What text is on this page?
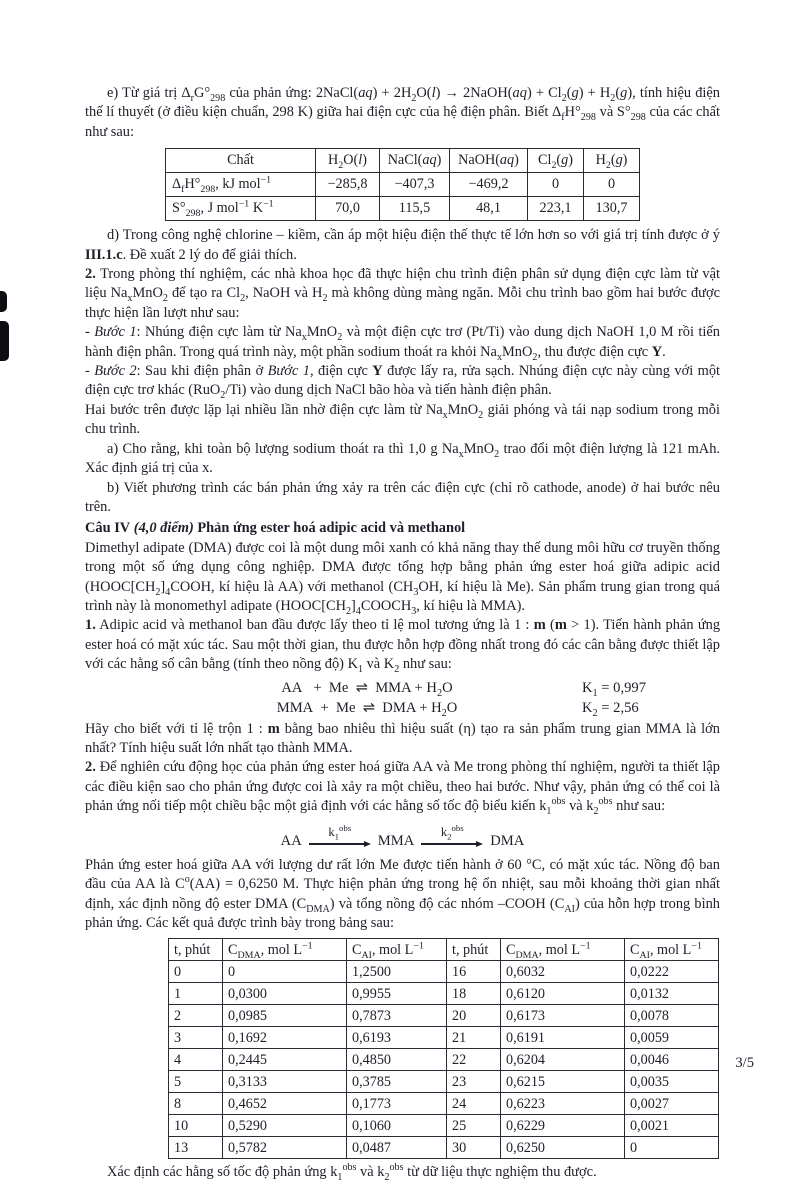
e) Từ giá trị $\Delta_rG^\circ_{298}$ của phản ứng: 2NaCl(aq) + $2H_2O(l)$ → 2NaOH(aq) + $Cl_2(g) + H_2(g)$, tính hiệu điện thế lí thuyết (ở điều kiện chuẩn, 298 K) giữa hai điện cực của hệ điện phân. Biết $\Delta_fH^\circ_{298}$ và $S^\circ_{298}$ của các chất như sau:

Chất	$H_2O(l)$	NaCl(aq)	NaOH(aq)	$Cl_2(g)$	$H_2(g)$
$\Delta_fH^\circ_{298}$, kJ mol$^{-1}$	−285,8	−407,3	−469,2	0	0
$S^\circ_{298}$, J mol$^{-1}$ $K^{-1}$	70,0	115,5	48,1	223,1	130,7

d) Trong công nghệ chlorine – kiềm, cần áp một hiệu điện thế thực tế lớn hơn so với giá trị tính được ở ý III.1.c. Đề xuất 2 lý do để giải thích.

2. Trong phòng thí nghiệm, các nhà khoa học đã thực hiện chu trình điện phân sử dụng điện cực làm từ vật liệu $Na_xMnO_2$ để tạo ra $Cl_2$, NaOH và $H_2$ mà không dùng màng ngăn. Mỗi chu trình bao gồm hai bước được thực hiện lần lượt như sau:

- Bước 1: Nhúng điện cực làm từ $Na_xMnO_2$ và một điện cực trơ (Pt/Ti) vào dung dịch NaOH 1,0 M rồi tiến hành điện phân. Trong quá trình này, một phần sodium thoát ra khỏi $Na_xMnO_2$, thu được điện cực Y.

- Bước 2: Sau khi điện phân ở Bước 1, điện cực Y được lấy ra, rửa sạch. Nhúng điện cực này cùng với một điện cực trơ khác (RuO$_2$/Ti) vào dung dịch NaCl bão hòa và tiến hành điện phân.

Hai bước trên được lặp lại nhiều lần nhờ điện cực làm từ $Na_xMnO_2$ giải phóng và tái nạp sodium trong mỗi chu trình.

a) Cho rằng, khi toàn bộ lượng sodium thoát ra thì 1,0 g $Na_xMnO_2$ trao đổi một điện lượng là 121 mAh. Xác định giá trị của x.

b) Viết phương trình các bán phản ứng xảy ra trên các điện cực (chỉ rõ cathode, anode) ở hai bước nêu trên.

Câu IV (4,0 điểm) Phản ứng ester hoá adipic acid và methanol

Dimethyl adipate (DMA) được coi là một dung môi xanh có khả năng thay thế dung môi hữu cơ truyền thống trong một số ứng dụng công nghiệp. DMA được tổng hợp bằng phản ứng ester hoá giữa adipic acid ($HOOC[CH_2]_4COOH$, kí hiệu là AA) với methanol ($CH_3OH$, kí hiệu là Me). Sản phẩm trung gian trong quá trình này là monomethyl adipate ($HOOC[CH_2]_4COOCH_3$, kí hiệu là MMA).

1. Adipic acid và methanol ban đầu được lấy theo tỉ lệ mol tương ứng là 1 : m (m > 1). Tiến hành phản ứng ester hoá có mặt xúc tác. Sau một thời gian, thu được hỗn hợp đồng nhất trong đó các cân bằng được thiết lập với các hằng số cân bằng (tính theo nồng độ) $K_1$ và $K_2$ như sau:

AA   +  Me  ⇌  MMA + $H_2O$	$K_1 = 0,997$
MMA  +  Me  ⇌  DMA + $H_2O$	$K_2 = 2,56$

Hãy cho biết với tỉ lệ trộn 1 : m bằng bao nhiêu thì hiệu suất (η) tạo ra sản phẩm trung gian MMA là lớn nhất? Tính hiệu suất lớn nhất tạo thành MMA.

2. Để nghiên cứu động học của phản ứng ester hoá giữa AA và Me trong phòng thí nghiệm, người ta thiết lập các điều kiện sao cho phản ứng được coi là xảy ra một chiều, theo hai bước. Như vậy, phản ứng có thể coi là phản ứng nối tiếp một chiều bậc một giả định với các hằng số tốc độ biểu kiến $k_1^{obs}$ và $k_2^{obs}$ như sau:

AA
$k_1^{obs}$
MMA
$k_2^{obs}$
DMA

Phản ứng ester hoá giữa AA với lượng dư rất lớn Me được tiến hành ở 60 °C, có mặt xúc tác. Nồng độ ban đầu của AA là $C^o(AA) = 0,6250$ M. Thực hiện phản ứng trong hệ ổn nhiệt, sau mỗi khoảng thời gian nhất định, xác định nồng độ ester DMA $(C_{DMA})$ và tổng nồng độ các nhóm –COOH $(C_{AI})$ của hỗn hợp trong bình phản ứng. Các kết quả được trình bày trong bảng sau:

t, phút	$C_{DMA}$, mol $L^{-1}$	$C_{AI}$, mol $L^{-1}$	t, phút	$C_{DMA}$, mol $L^{-1}$	$C_{AI}$, mol $L^{-1}$
0	0	1,2500	16	0,6032	0,0222
1	0,0300	0,9955	18	0,6120	0,0132
2	0,0985	0,7873	20	0,6173	0,0078
3	0,1692	0,6193	21	0,6191	0,0059
4	0,2445	0,4850	22	0,6204	0,0046
5	0,3133	0,3785	23	0,6215	0,0035
8	0,4652	0,1773	24	0,6223	0,0027
10	0,5290	0,1060	25	0,6229	0,0021
13	0,5782	0,0487	30	0,6250	0

Xác định các hằng số tốc độ phản ứng $k_1^{obs}$ và $k_2^{obs}$ từ dữ liệu thực nghiệm thu được.

3/5
